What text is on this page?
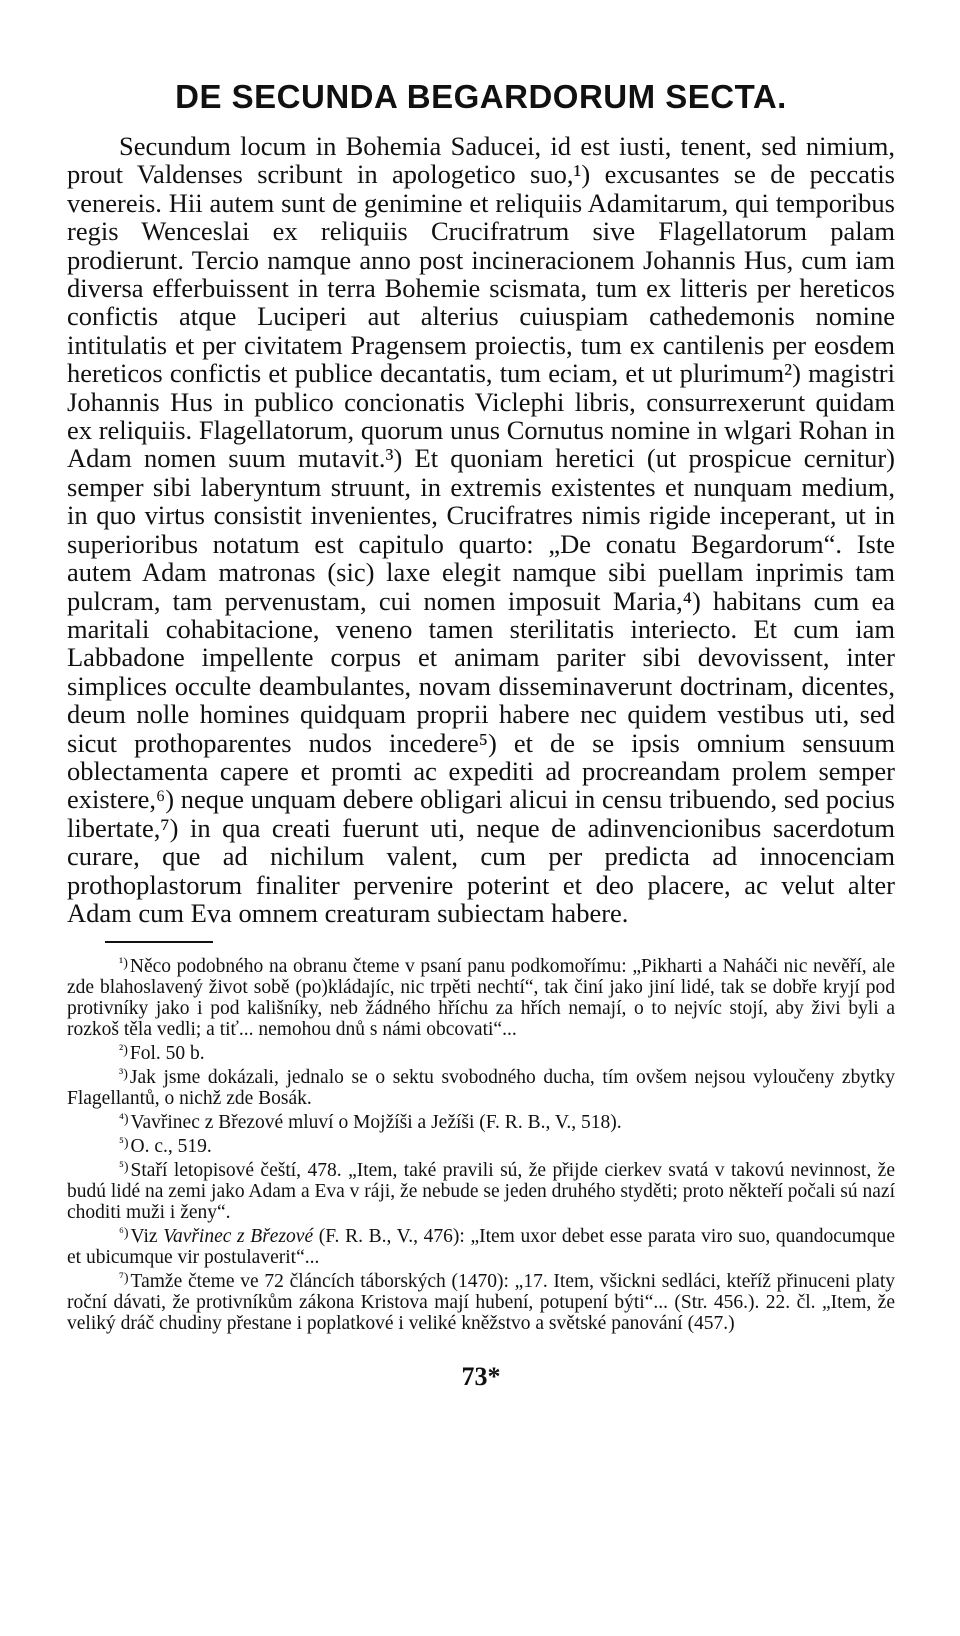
DE SECUNDA BEGARDORUM SECTA.

Secundum locum in Bohemia Saducei, id est iusti, tenent, sed nimium, prout Valdenses scribunt in apologetico suo,¹) excusantes se de peccatis venereis. Hii autem sunt de genimine et reliquiis Adamitarum, qui temporibus regis Wenceslai ex reliquiis Crucifratrum sive Flagellatorum palam prodierunt. Tercio namque anno post incineracionem Johannis Hus, cum iam diversa efferbuissent in terra Bohemie scismata, tum ex litteris per hereticos confictis atque Luciperi aut alterius cuiuspiam cathedemonis nomine intitulatis et per civitatem Pragensem proiectis, tum ex cantilenis per eosdem hereticos confictis et publice decantatis, tum eciam, et ut plurimum²) magistri Johannis Hus in publico concionatis Viclephi libris, consurrexerunt quidam ex reliquiis. Flagellatorum, quorum unus Cornutus nomine in wlgari Rohan in Adam nomen suum mutavit.³) Et quoniam heretici (ut prospicue cernitur) semper sibi laberyntum struunt, in extremis existentes et nunquam medium, in quo virtus consistit invenientes, Crucifratres nimis rigide inceperant, ut in superioribus notatum est capitulo quarto: „De conatu Begardorum“. Iste autem Adam matronas (sic) laxe elegit namque sibi puellam inprimis tam pulcram, tam pervenustam, cui nomen imposuit Maria,⁴) habitans cum ea maritali cohabitacione, veneno tamen sterilitatis interiecto. Et cum iam Labbadone impellente corpus et animam pariter sibi devovissent, inter simplices occulte deambulantes, novam disseminaverunt doctrinam, dicentes, deum nolle homines quidquam proprii habere nec quidem vestibus uti, sed sicut prothoparentes nudos incedere⁵) et de se ipsis omnium sensuum oblectamenta capere et promti ac expediti ad procreandam prolem semper existere,⁶) neque unquam debere obligari alicui in censu tribuendo, sed pocius libertate,⁷) in qua creati fuerunt uti, neque de adinvencionibus sacerdotum curare, que ad nichilum valent, cum per predicta ad innocenciam prothoplastorum finaliter pervenire poterint et deo placere, ac velut alter Adam cum Eva omnem creaturam subiectam habere.

$^{^1)}$ Něco podobného na obranu čteme v psaní panu podkomořímu: „Pikharti a Naháči nic nevěří, ale zde blahoslavený život sobě (po)kládajíc, nic trpěti nechtí“, tak činí jako jiní lidé, tak se dobře kryjí pod protivníky jako i pod kališníky, neb žádného hříchu za hřích nemají, o to nejvíc stojí, aby živi byli a rozkoš těla vedli; a tiť... nemohou dnů s námi obcovati“...

$^{^2)}$ Fol. 50 b.

$^{^3)}$ Jak jsme dokázali, jednalo se o sektu svobodného ducha, tím ovšem nejsou vyloučeny zbytky Flagellantů, o nichž zde Bosák.

$^{^4)}$ Vavřinec z Březové mluví o Mojžíši a Ježíši (F. R. B., V., 518).

$^{^5)}$ O. c., 519.

$^{^5)}$ Staří letopisové čeští, 478. „Item, také pravili sú, že přijde cierkev svatá v takovú nevinnost, že budú lidé na zemi jako Adam a Eva v ráji, že nebude se jeden druhého styděti; proto někteří počali sú nazí choditi muži i ženy“.

$^{^6)}$ Viz Vavřinec z Březové (F. R. B., V., 476): „Item uxor debet esse parata viro suo, quandocumque et ubicumque vir postulaverit“...

$^{^7)}$ Tamže čteme ve 72 článcích táborských (1470): „17. Item, všickni sedláci, kteříž přinuceni platy roční dávati, že protivníkům zákona Kristova mají hubení, potupení býti“... (Str. 456.). 22. čl. „Item, že veliký dráč chudiny přestane i poplatkové i veliké kněžstvo a světské panování (457.)

73*
